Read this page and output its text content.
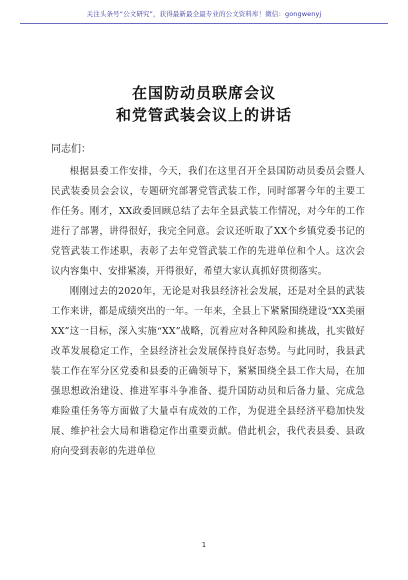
关注头条号“公文研究”，获得最新最全最专业的公文资料库！微信：gongwenyj
在国防动员联席会议
和党管武装会议上的讲话
同志们：

根据县委工作安排，今天，我们在这里召开全县国防动员委员会暨人民武装委员会会议，专题研究部署党管武装工作，同时部署今年的主要工作任务。刚才，XX政委回顾总结了去年全县武装工作情况，对今年的工作进行了部署，讲得很好，我完全同意。会议还听取了XX个乡镇党委书记的党管武装工作述职，表彰了去年党管武装工作的先进单位和个人。这次会议内容集中、安排紧凑，开得很好，希望大家认真抓好贯彻落实。

刚刚过去的2020年，无论是对我县经济社会发展，还是对全县的武装工作来讲，都是成绩突出的一年。一年来，全县上下紧紧围绕建设“XX美丽XX”这一目标，深入实施“XX”战略，沉着应对各种风险和挑战，扎实做好改革发展稳定工作，全县经济社会发展保持良好态势。与此同时，我县武装工作在军分区党委和县委的正确领导下，紧紧围绕全县工作大局，在加强思想政治建设、推进军事斗争准备、提升国防动员和后备力量、完成急难险重任务等方面做了大量卓有成效的工作，为促进全县经济平稳加快发展、维护社会大局和谐稳定作出重要贡献。借此机会，我代表县委、县政府向受到表彰的先进单位

1
